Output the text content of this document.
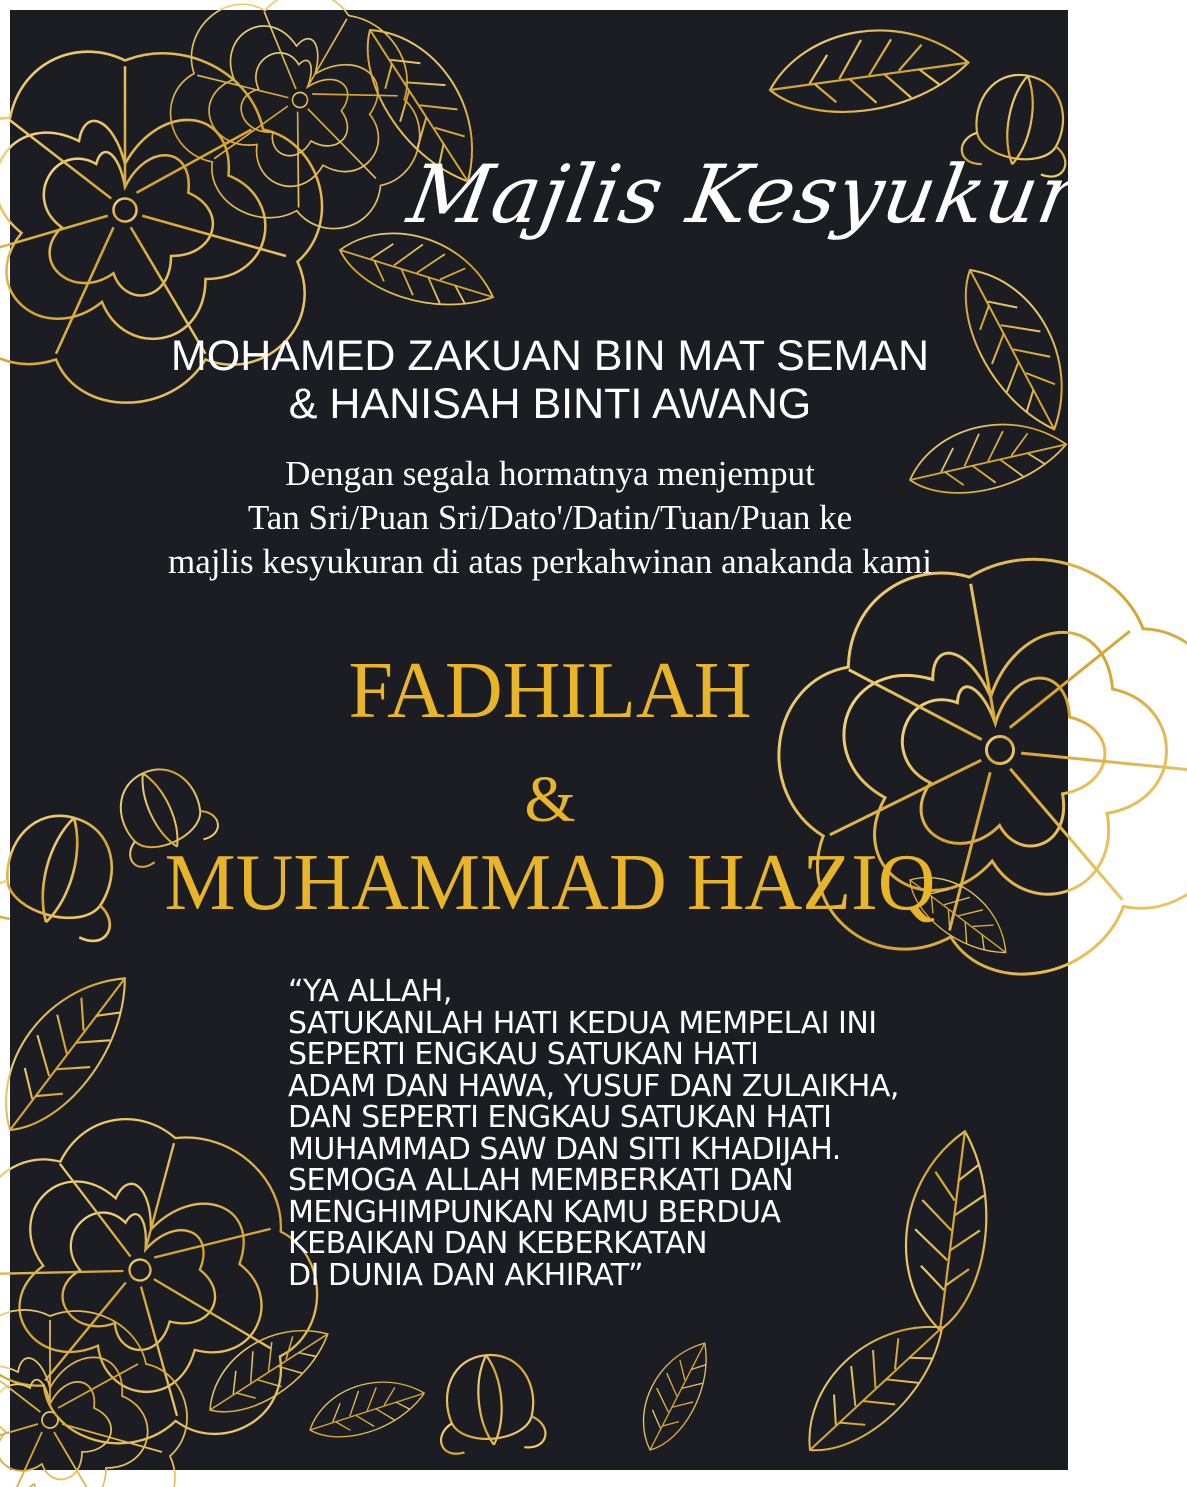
Majlis Kesyukuran
MOHAMED ZAKUAN BIN MAT SEMAN
& HANISAH BINTI AWANG
Dengan segala hormatnya menjemput
Tan Sri/Puan Sri/Dato'/Datin/Tuan/Puan ke
majlis kesyukuran di atas perkahwinan anakanda kami
FADHILAH
&
MUHAMMAD HAZIQ
“YA ALLAH,
SATUKANLAH HATI KEDUA MEMPELAI INI
SEPERTI ENGKAU SATUKAN HATI
ADAM DAN HAWA, YUSUF DAN ZULAIKHA,
DAN SEPERTI ENGKAU SATUKAN HATI
MUHAMMAD SAW DAN SITI KHADIJAH.
SEMOGA ALLAH MEMBERKATI DAN
MENGHIMPUNKAN KAMU BERDUA
KEBAIKAN DAN KEBERKATAN
DI DUNIA DAN AKHIRAT”
